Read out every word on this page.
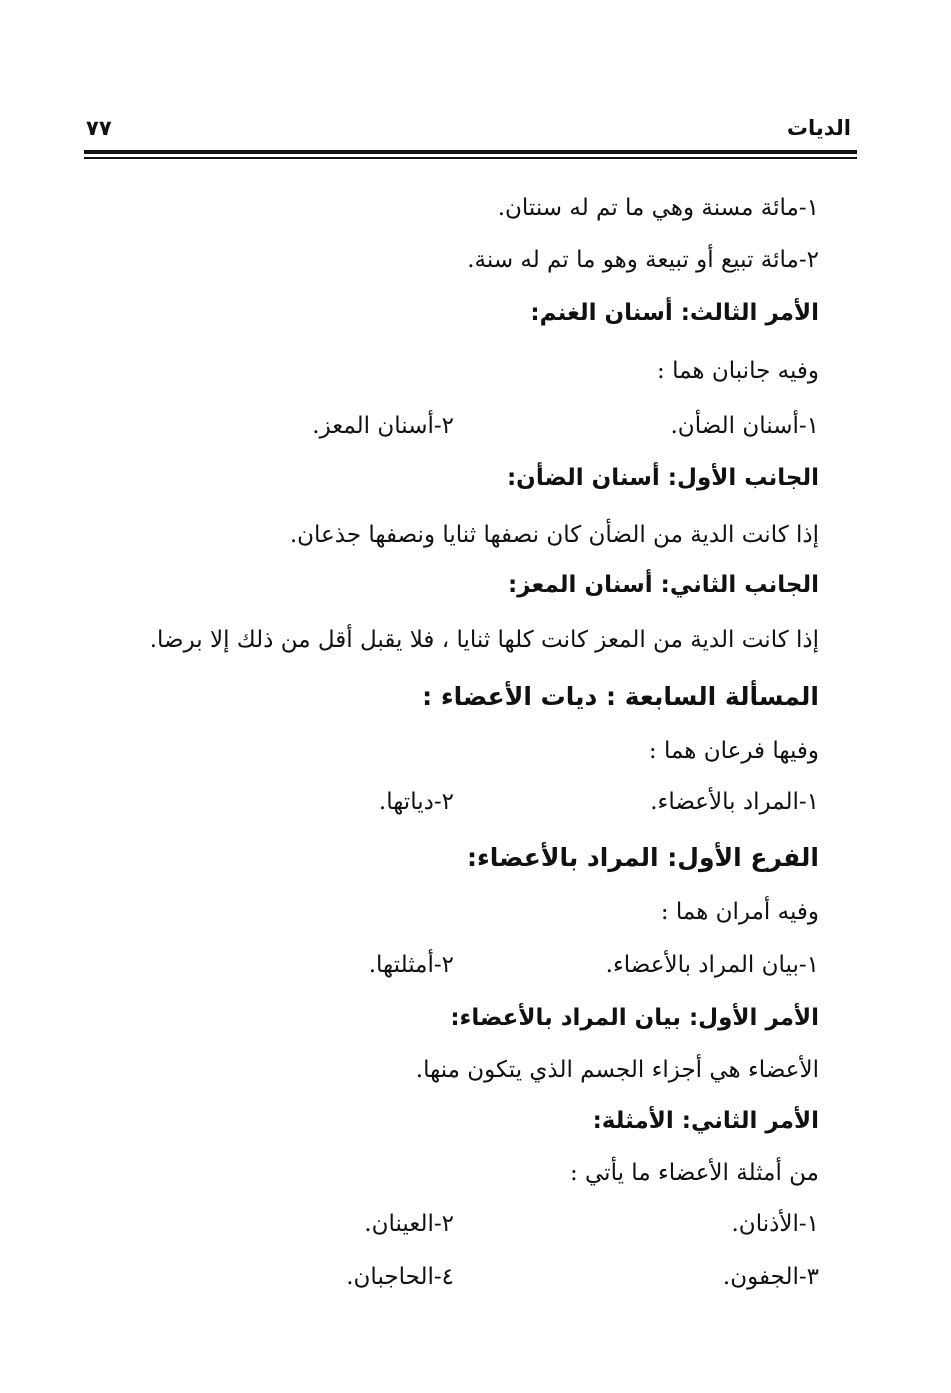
الديات
٧٧
١-مائة مسنة وهي ما تم له سنتان.
٢-مائة تبيع أو تبيعة وهو ما تم له سنة.
الأمر الثالث: أسنان الغنم:
وفيه جانبان هما :
١-أسنان الضأن.
٢-أسنان المعز.
الجانب الأول: أسنان الضأن:
إذا كانت الدية من الضأن كان نصفها ثنايا ونصفها جذعان.
الجانب الثاني: أسنان المعز:
إذا كانت الدية من المعز كانت كلها ثنايا ، فلا يقبل أقل من ذلك إلا برضا.
المسألة السابعة : ديات الأعضاء :
وفيها فرعان هما :
١-المراد بالأعضاء.
٢-دياتها.
الفرع الأول: المراد بالأعضاء:
وفيه أمران هما :
١-بيان المراد بالأعضاء.
٢-أمثلتها.
الأمر الأول: بيان المراد بالأعضاء:
الأعضاء هي أجزاء الجسم الذي يتكون منها.
الأمر الثاني: الأمثلة:
من أمثلة الأعضاء ما يأتي :
١-الأذنان.
٢-العينان.
٣-الجفون.
٤-الحاجبان.
